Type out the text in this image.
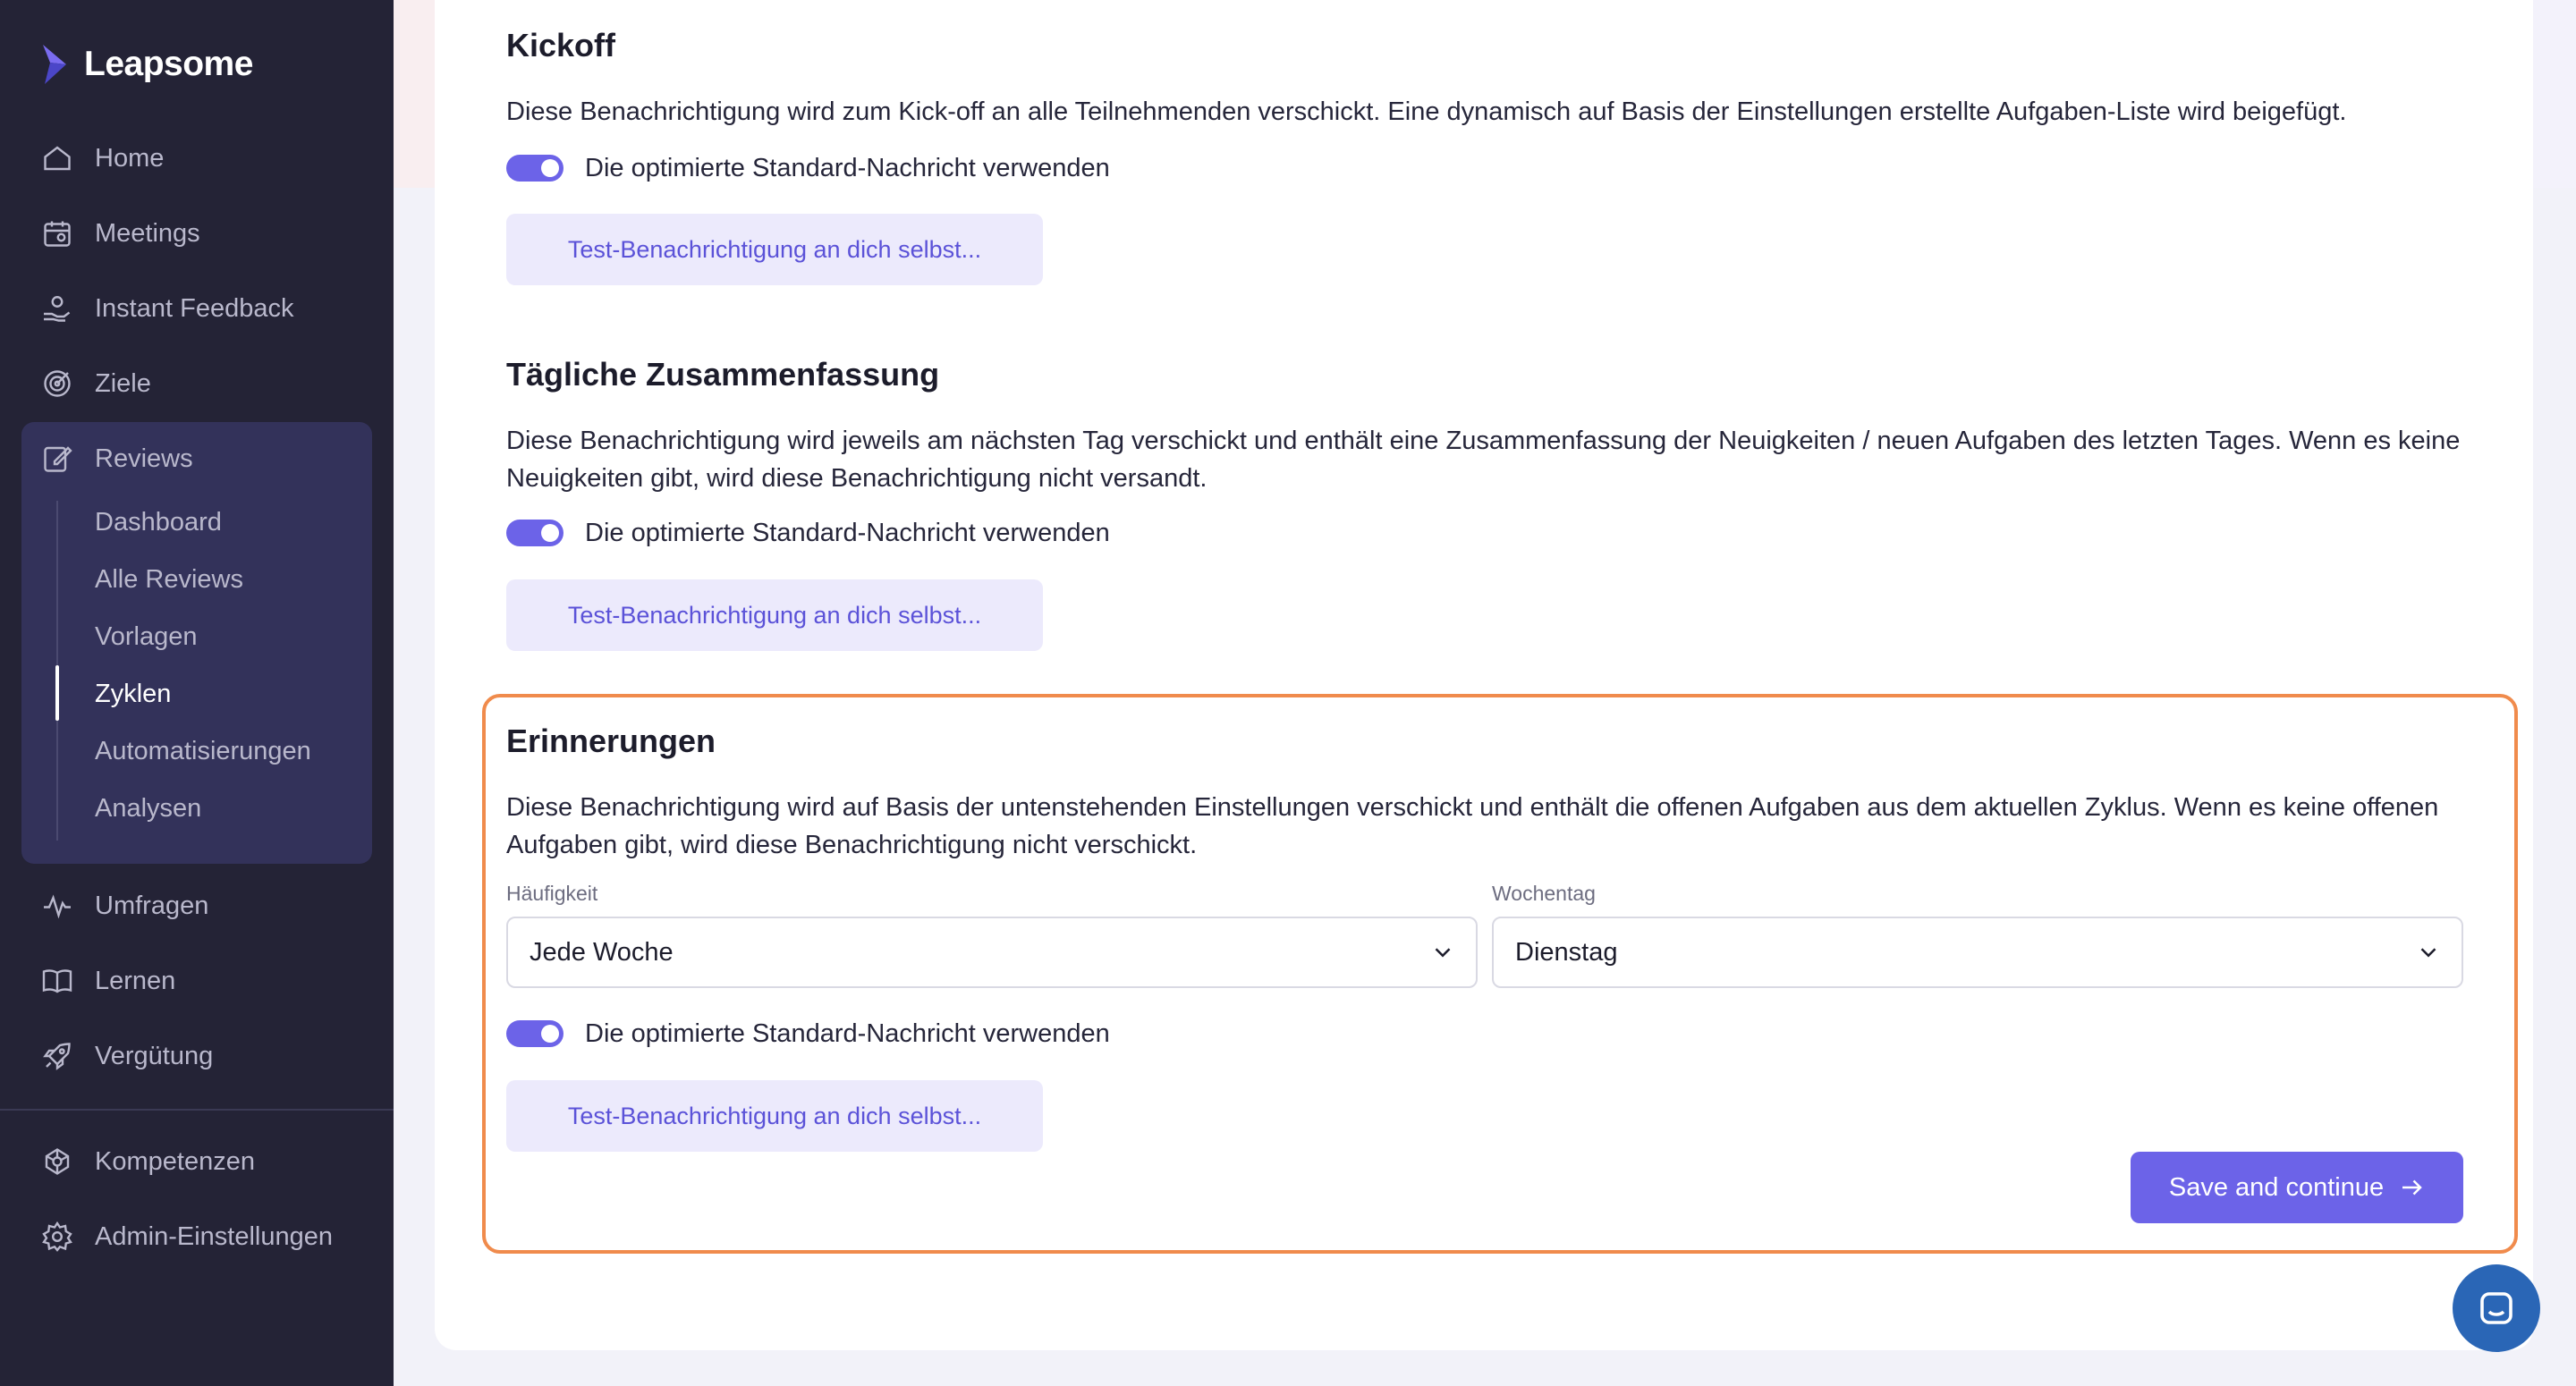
Leapsome
Home
Meetings
Instant Feedback
Ziele
Reviews
Dashboard
Alle Reviews
Vorlagen
Zyklen
Automatisierungen
Analysen
Umfragen
Lernen
Vergütung
Kompetenzen
Admin-Einstellungen
Kickoff

Diese Benachrichtigung wird zum Kick-off an alle Teilnehmenden verschickt. Eine dynamisch auf Basis der Einstellungen erstellte Aufgaben-Liste wird beigefügt.

Die optimierte Standard-Nachricht verwenden
Test-Benachrichtigung an dich selbst...
Tägliche Zusammenfassung

Diese Benachrichtigung wird jeweils am nächsten Tag verschickt und enthält eine Zusammenfassung der Neuigkeiten / neuen Aufgaben des letzten Tages. Wenn es keine Neuigkeiten gibt, wird diese Benachrichtigung nicht versandt.

Die optimierte Standard-Nachricht verwenden
Test-Benachrichtigung an dich selbst...
Erinnerungen

Diese Benachrichtigung wird auf Basis der untenstehenden Einstellungen verschickt und enthält die offenen Aufgaben aus dem aktuellen Zyklus. Wenn es keine offenen Aufgaben gibt, wird diese Benachrichtigung nicht verschickt.

Häufigkeit
Jede Woche
Wochentag
Dienstag
Die optimierte Standard-Nachricht verwenden
Test-Benachrichtigung an dich selbst...
Save and continue
